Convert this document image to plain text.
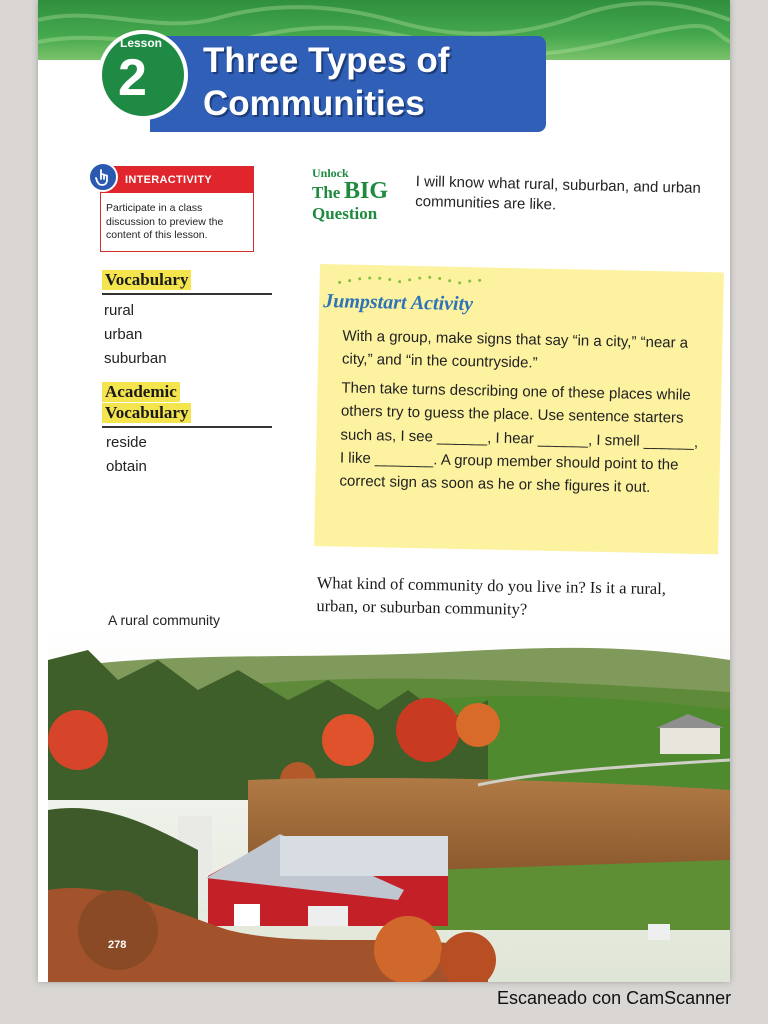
Lesson
2 Three Types of
Communities
INTERACTIVITY
Participate in a class discussion to preview the content of this lesson.
Vocabulary
rural
urban
suburban
Academic
Vocabulary
reside
obtain
Unlock
The BIG
Question
I will know what rural, suburban, and urban communities are like.
Jumpstart Activity
With a group, make signs that say “in a city,” “near a city,” and “in the countryside.”
Then take turns describing one of these places while others try to guess the place. Use sentence starters such as, I see ______, I hear ______, I smell ______, I like _______. A group member should point to the correct sign as soon as he or she figures it out.
What kind of community do you live in? Is it a rural, urban, or suburban community?
A rural community
278
Escaneado con CamScanner
